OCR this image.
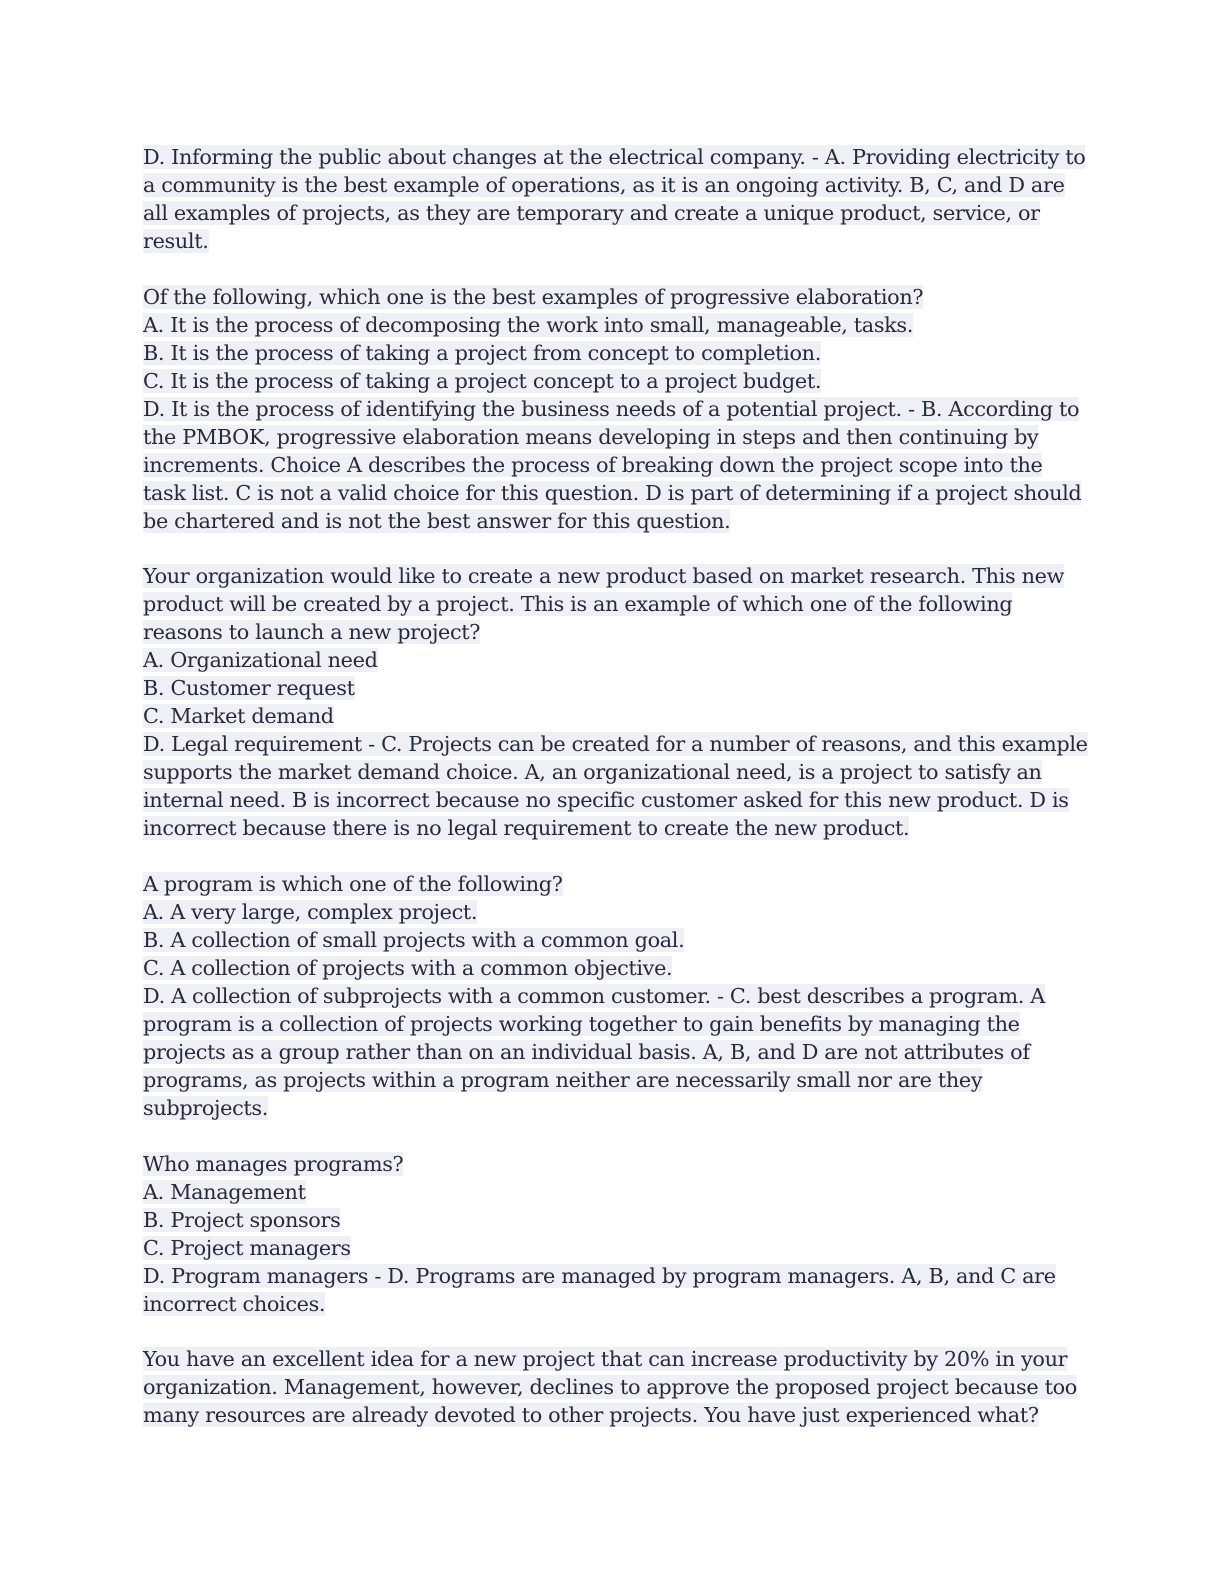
D. Informing the public about changes at the electrical company. - A. Providing electricity to
a community is the best example of operations, as it is an ongoing activity. B, C, and D are
all examples of projects, as they are temporary and create a unique product, service, or
result.
Of the following, which one is the best examples of progressive elaboration?
A. It is the process of decomposing the work into small, manageable, tasks.
B. It is the process of taking a project from concept to completion.
C. It is the process of taking a project concept to a project budget.
D. It is the process of identifying the business needs of a potential project. - B. According to
the PMBOK, progressive elaboration means developing in steps and then continuing by
increments. Choice A describes the process of breaking down the project scope into the
task list. C is not a valid choice for this question. D is part of determining if a project should
be chartered and is not the best answer for this question.
Your organization would like to create a new product based on market research. This new
product will be created by a project. This is an example of which one of the following
reasons to launch a new project?
A. Organizational need
B. Customer request
C. Market demand
D. Legal requirement - C. Projects can be created for a number of reasons, and this example
supports the market demand choice. A, an organizational need, is a project to satisfy an
internal need. B is incorrect because no specific customer asked for this new product. D is
incorrect because there is no legal requirement to create the new product.
A program is which one of the following?
A. A very large, complex project.
B. A collection of small projects with a common goal.
C. A collection of projects with a common objective.
D. A collection of subprojects with a common customer. - C. best describes a program. A
program is a collection of projects working together to gain benefits by managing the
projects as a group rather than on an individual basis. A, B, and D are not attributes of
programs, as projects within a program neither are necessarily small nor are they
subprojects.
Who manages programs?
A. Management
B. Project sponsors
C. Project managers
D. Program managers - D. Programs are managed by program managers. A, B, and C are
incorrect choices.
You have an excellent idea for a new project that can increase productivity by 20% in your
organization. Management, however, declines to approve the proposed project because too
many resources are already devoted to other projects. You have just experienced what?
